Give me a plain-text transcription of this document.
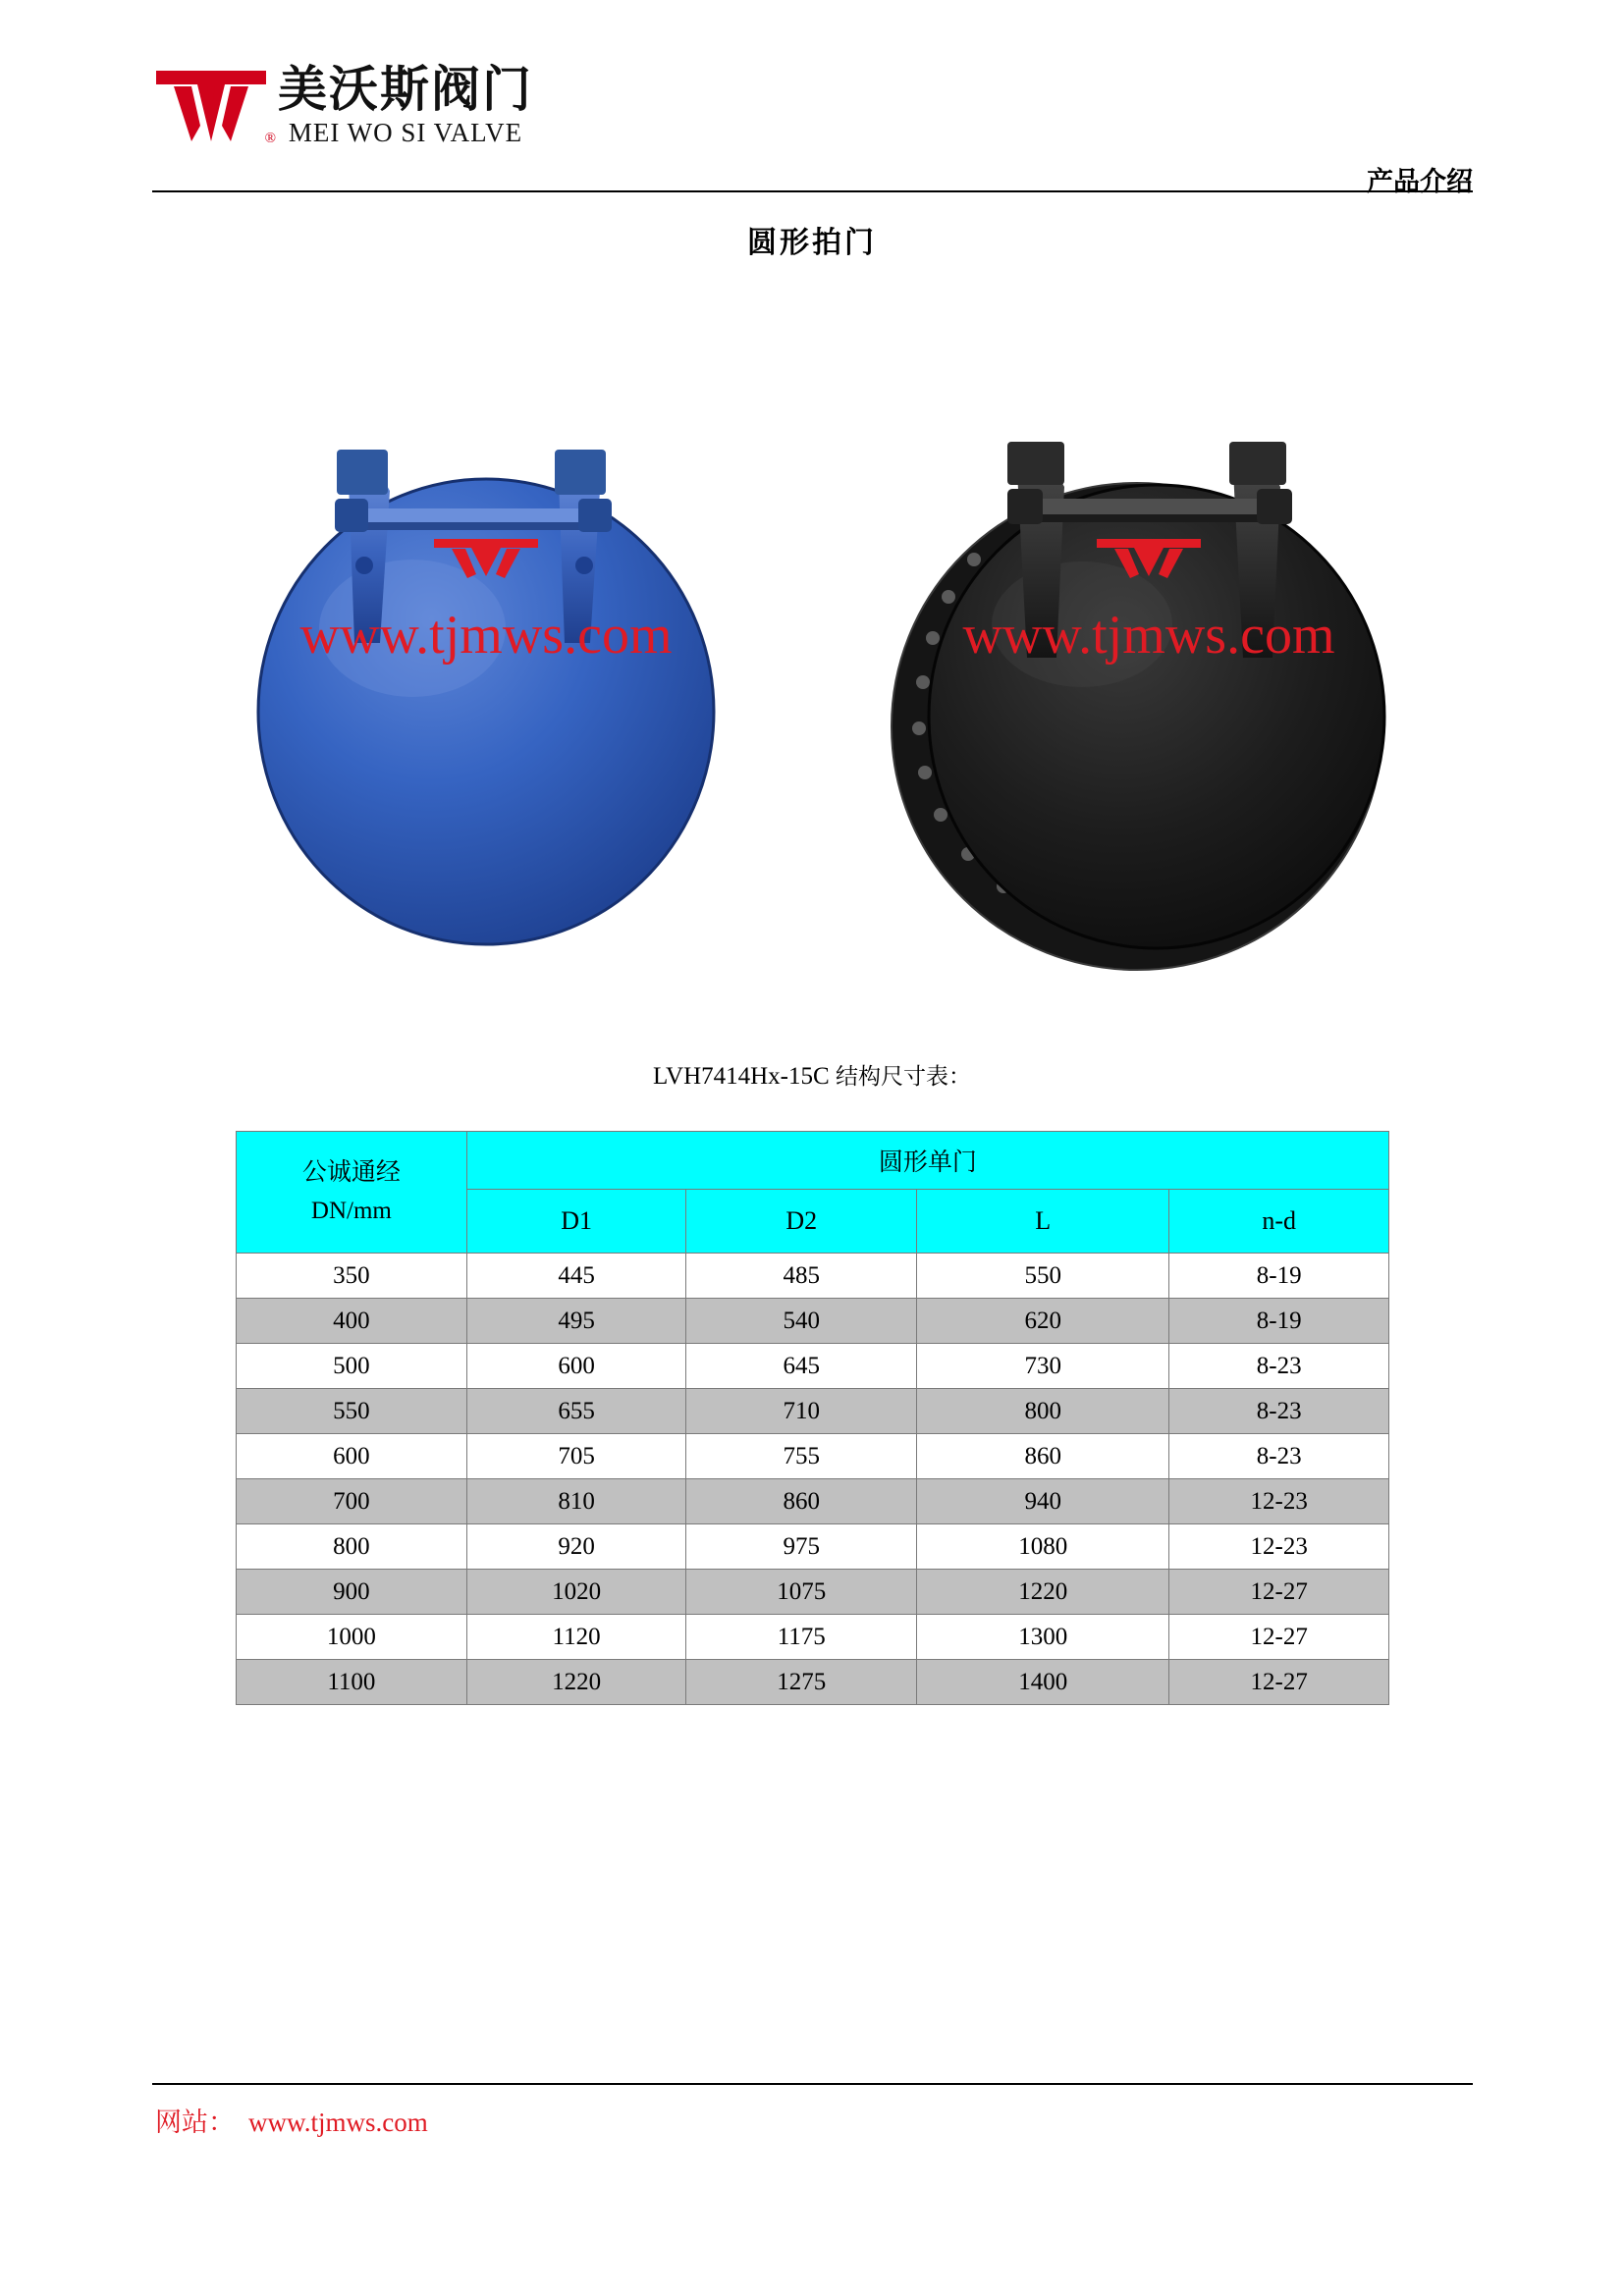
®
美沃斯阀门
MEI WO SI VALVE
产品介绍
圆形拍门
www.tjmws.com	www.tjmws.com
LVH7414Hx-15C 结构尺寸表：
公诚通经
DN/mm	圆形单门			
	D1	D2	L	n-d
350	445	485	550	8-19
400	495	540	620	8-19
500	600	645	730	8-23
550	655	710	800	8-23
600	705	755	860	8-23
700	810	860	940	12-23
800	920	975	1080	12-23
900	1020	1075	1220	12-27
1000	1120	1175	1300	12-27
1100	1220	1275	1400	12-27
网站： www.tjmws.com
